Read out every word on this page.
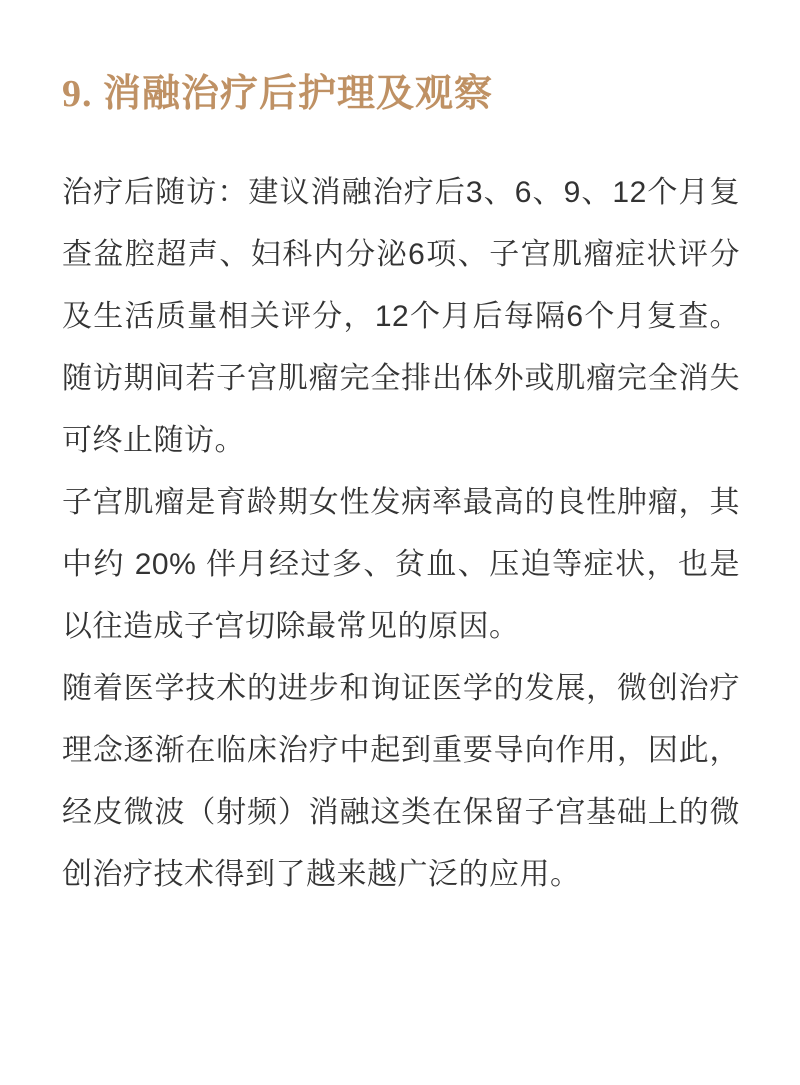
9. 消融治疗后护理及观察

治疗后随访：建议消融治疗后3、6、9、12个月复查盆腔超声、妇科内分泌6项、子宫肌瘤症状评分及生活质量相关评分，12个月后每隔6个月复查。随访期间若子宫肌瘤完全排出体外或肌瘤完全消失可终止随访。

子宫肌瘤是育龄期女性发病率最高的良性肿瘤，其中约 20% 伴月经过多、贫血、压迫等症状，也是以往造成子宫切除最常见的原因。

随着医学技术的进步和询证医学的发展，微创治疗理念逐渐在临床治疗中起到重要导向作用，因此，经皮微波（射频）消融这类在保留子宫基础上的微创治疗技术得到了越来越广泛的应用。
